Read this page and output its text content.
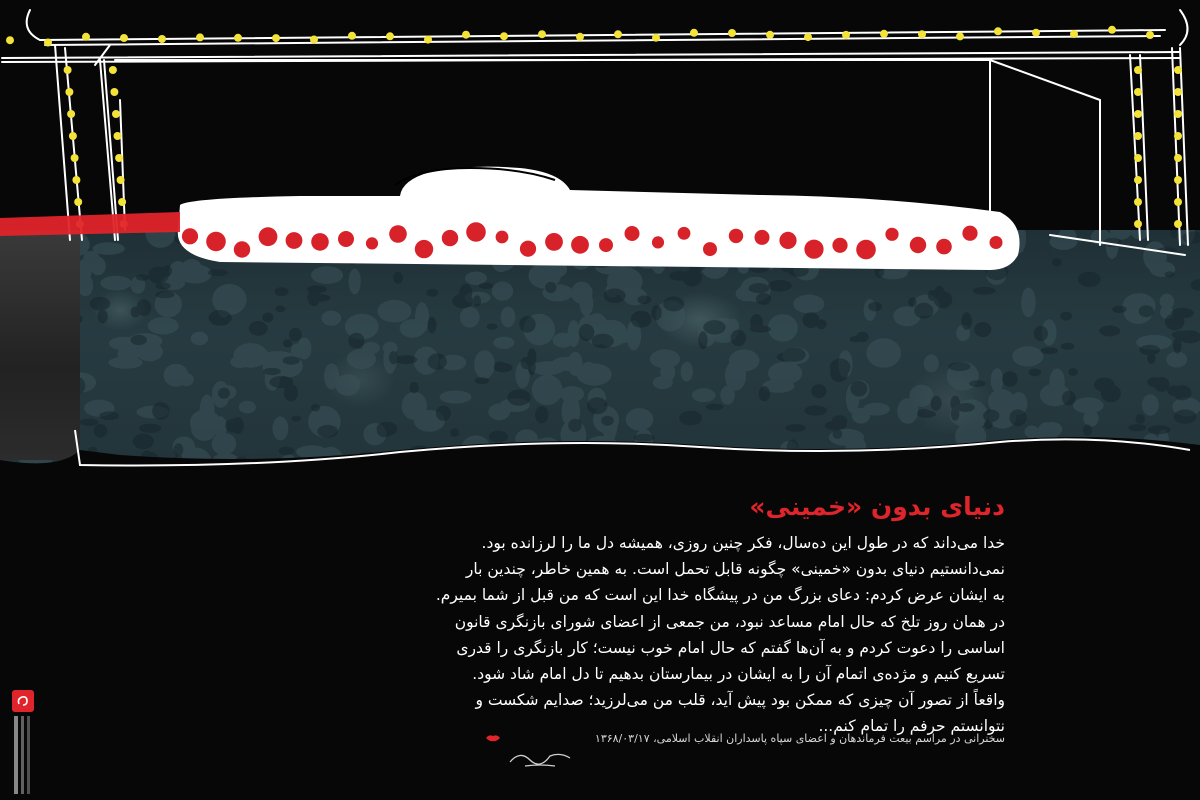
دنیای بدون «خمینی»

خدا می‌داند که در طول این ده‌سال، فکر چنین روزی، همیشه دل ما را لرزانده بود.

نمی‌دانستیم دنیای بدون «خمینی» چگونه قابل تحمل است. به همین خاطر، چندین بار

به ایشان عرض کردم: دعای بزرگ من در پیشگاه خدا این است که من قبل از شما بمیرم.

در همان روز تلخ که حال امام مساعد نبود، من جمعی از اعضای شورای بازنگری قانون

اساسی را دعوت کردم و به آن‌ها گفتم که حال امام خوب نیست؛ کار بازنگری را قدری

تسریع کنیم و مژده‌ی اتمام آن را به ایشان در بیمارستان بدهیم تا دل امام شاد شود.

واقعاً از تصور آن چیزی که ممکن بود پیش آید، قلب من می‌لرزید؛ صدایم شکست و

نتوانستم حرفم را تمام کنم...

سخنرانی در مراسم بیعت فرماندهان و اعضای سپاه پاسداران انقلاب اسلامی، ۱۳۶۸/۰۳/۱۷
